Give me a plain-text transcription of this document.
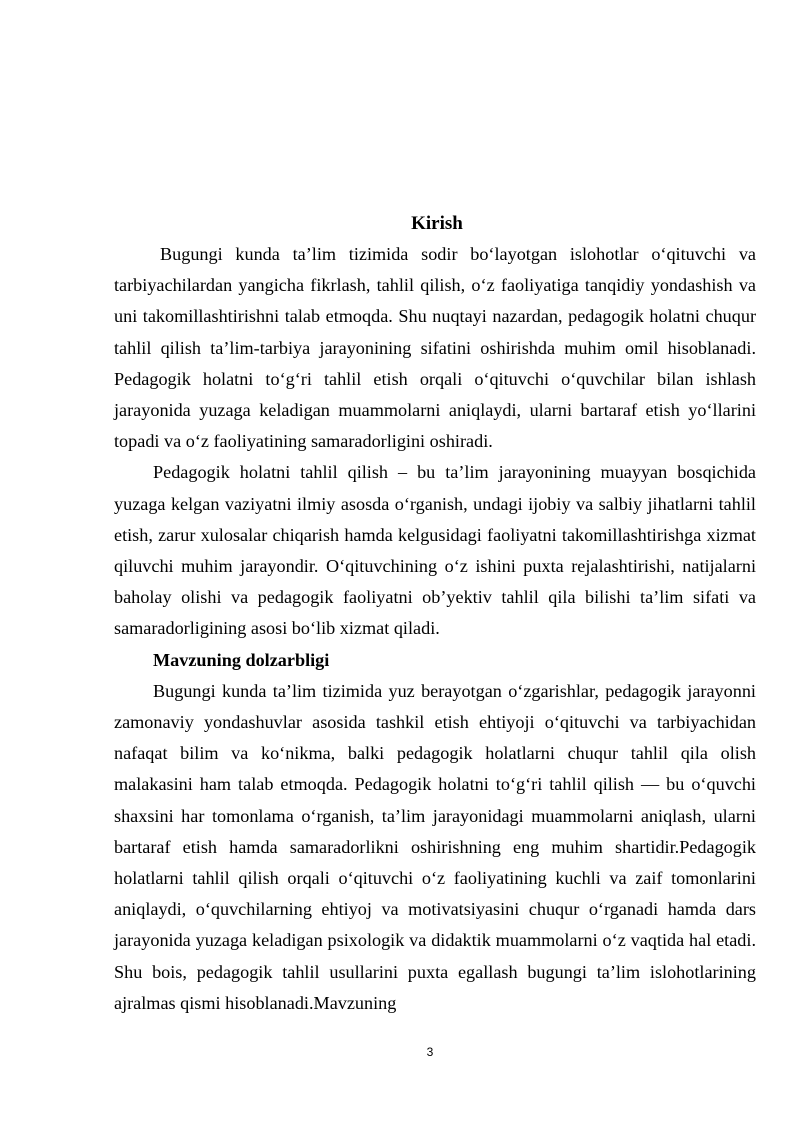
Kirish

Bugungi kunda ta’lim tizimida sodir bo‘layotgan islohotlar o‘qituvchi va tarbiyachilardan yangicha fikrlash, tahlil qilish, o‘z faoliyatiga tanqidiy yondashish va uni takomillashtirishni talab etmoqda. Shu nuqtayi nazardan, pedagogik holatni chuqur tahlil qilish ta’lim-tarbiya jarayonining sifatini oshirishda muhim omil hisoblanadi. Pedagogik holatni to‘g‘ri tahlil etish orqali o‘qituvchi o‘quvchilar bilan ishlash jarayonida yuzaga keladigan muammolarni aniqlaydi, ularni bartaraf etish yo‘llarini topadi va o‘z faoliyatining samaradorligini oshiradi.

Pedagogik holatni tahlil qilish – bu ta’lim jarayonining muayyan bosqichida yuzaga kelgan vaziyatni ilmiy asosda o‘rganish, undagi ijobiy va salbiy jihatlarni tahlil etish, zarur xulosalar chiqarish hamda kelgusidagi faoliyatni takomillashtirishga xizmat qiluvchi muhim jarayondir. O‘qituvchining o‘z ishini puxta rejalashtirishi, natijalarni baholay olishi va pedagogik faoliyatni ob’yektiv tahlil qila bilishi ta’lim sifati va samaradorligining asosi bo‘lib xizmat qiladi.

Mavzuning dolzarbligi

Bugungi kunda ta’lim tizimida yuz berayotgan o‘zgarishlar, pedagogik jarayonni zamonaviy yondashuvlar asosida tashkil etish ehtiyoji o‘qituvchi va tarbiyachidan nafaqat bilim va ko‘nikma, balki pedagogik holatlarni chuqur tahlil qila olish malakasini ham talab etmoqda. Pedagogik holatni to‘g‘ri tahlil qilish — bu o‘quvchi shaxsini har tomonlama o‘rganish, ta’lim jarayonidagi muammolarni aniqlash, ularni bartaraf etish hamda samaradorlikni oshirishning eng muhim shartidir.Pedagogik holatlarni tahlil qilish orqali o‘qituvchi o‘z faoliyatining kuchli va zaif tomonlarini aniqlaydi, o‘quvchilarning ehtiyoj va motivatsiyasini chuqur o‘rganadi hamda dars jarayonida yuzaga keladigan psixologik va didaktik muammolarni o‘z vaqtida hal etadi. Shu bois, pedagogik tahlil usullarini puxta egallash bugungi ta’lim islohotlarining ajralmas qismi hisoblanadi.Mavzuning

3
